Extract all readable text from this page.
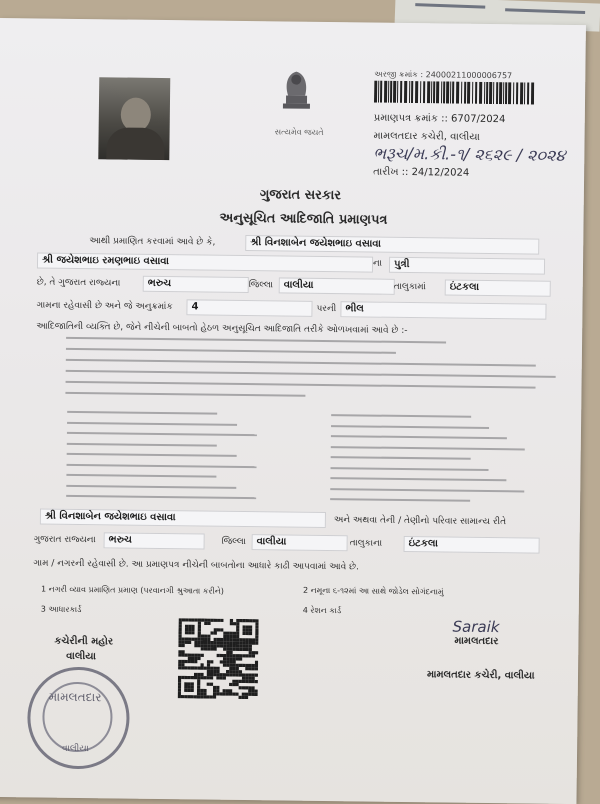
સત્યમેવ જયતે
અરજી ક્રમાંક : 24000211000006757
પ્રમાણપત્ર ક્રમાંક :: 6707/2024
મામલતદાર કચેરી, વાલીયા
ભરૂચ/મ.કી.-૧/ ૨૬૨૯ / ૨૦૨૪
તારીખ :: 24/12/2024
ગુજરાત સરકાર
અનુસૂચિત આદિજાતિ પ્રમાણપત્ર
આથી પ્રમાણિત કરવામાં આવે છે કે,	શ્રી વિનશાબેન જયેશભાઇ વસાવા
શ્રી જયેશભાઇ રમણભાઇ વસાવા	ના	પુત્રી
છે, તે ગુજરાત રાજ્યના	ભરુચ	જિલ્લા	વાલીયા	તાલુકામાં	ઇંટકલા
ગામના રહેવાસી છે અને જે અનુક્રમાંક	4	પરની ભીલ
આદિજાતિની વ્યક્તિ છે, જેને નીચેની બાબતો હેઠળ અનુસૂચિત આદિજાતિ તરીકે ઓળખવામાં આવે છે :-
શ્રી વિનશાબેન જયેશભાઇ વસાવા	અને અથવા તેની / તેણીનો પરિવાર સામાન્ય રીતે
ગુજરાત રાજ્યના	ભરુચ	જિલ્લા	વાલીયા	તાલુકાના	ઇંટકલા
ગામ / નગરની રહેવાસી છે. આ પ્રમાણપત્ર નીચેની બાબતોના આધારે કાઢી આપવામાં આવે છે.
1 નગરી વ્યાવ પ્રમાણિત પ્રમાણ (પરવાનગી શ્રુઆતા કરીને)	2 નમૂના ૬-૧૨માં આ સાથે જોડેલ સોગંદનામું
3 આધારકાર્ડ	4 રેશન કાર્ડ
Saraik
મામલતદાર
મામલતદાર કચેરી, વાલીયા
કચેરીની મહોર
વાલીયા
મામલતદાર
વાલીયા
